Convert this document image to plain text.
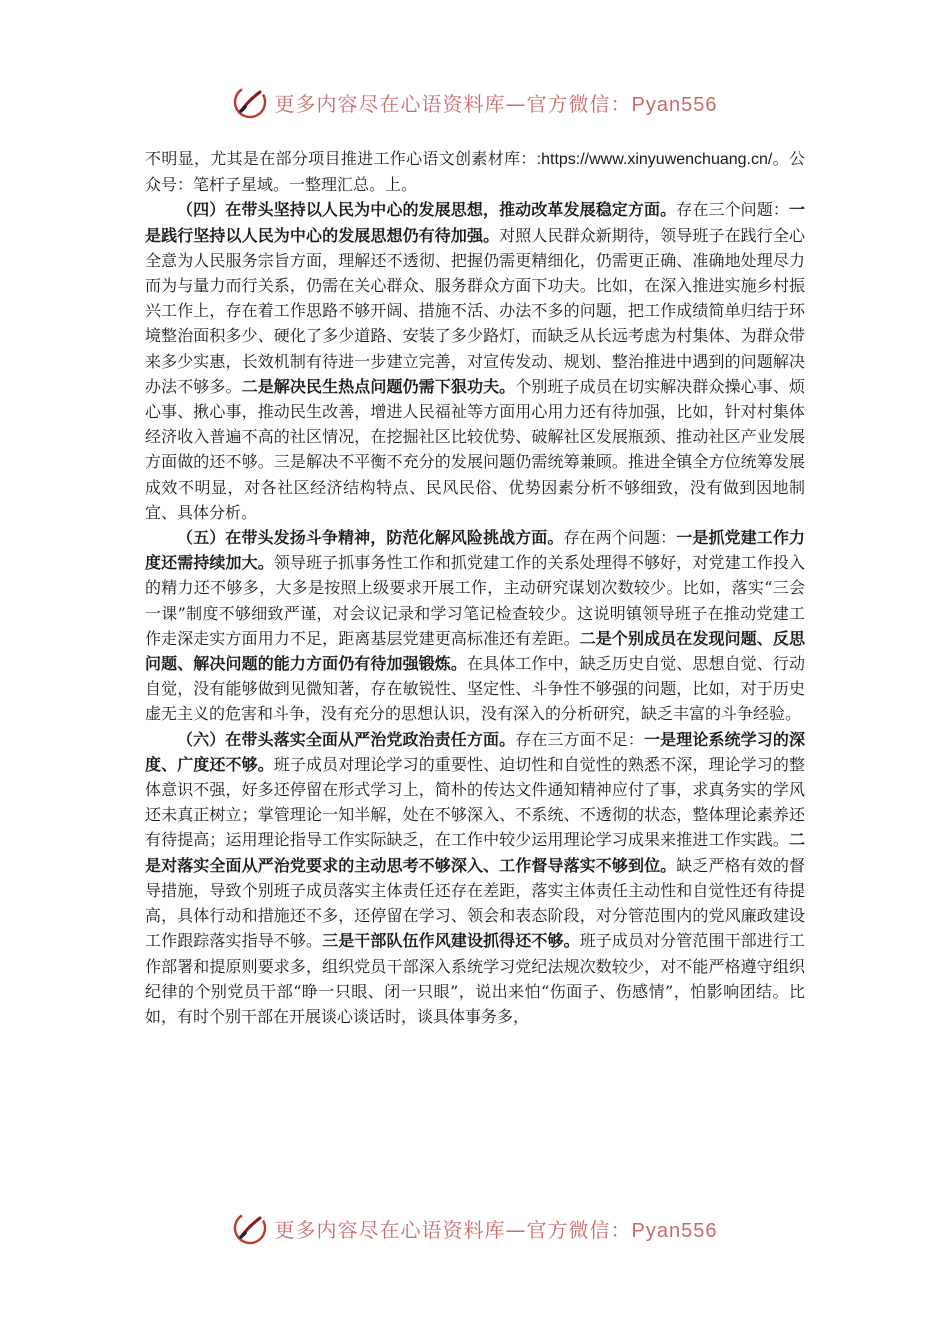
更多内容尽在心语资料库—官方微信：Pyan556

不明显，尤其是在部分项目推进工作心语文创素材库：:https://www.xinyuwenchuang.cn/。公众号：笔杆子星域。一整理汇总。上。

（四）在带头坚持以人民为中心的发展思想，推动改革发展稳定方面。存在三个问题：一是践行坚持以人民为中心的发展思想仍有待加强。对照人民群众新期待，领导班子在践行全心全意为人民服务宗旨方面，理解还不透彻、把握仍需更精细化，仍需更正确、准确地处理尽力而为与量力而行关系，仍需在关心群众、服务群众方面下功夫。比如，在深入推进实施乡村振兴工作上，存在着工作思路不够开阔、措施不活、办法不多的问题，把工作成绩简单归结于环境整治面积多少、硬化了多少道路、安装了多少路灯，而缺乏从长远考虑为村集体、为群众带来多少实惠，长效机制有待进一步建立完善，对宣传发动、规划、整治推进中遇到的问题解决办法不够多。二是解决民生热点问题仍需下狠功夫。个别班子成员在切实解决群众操心事、烦心事、揪心事，推动民生改善，增进人民福祉等方面用心用力还有待加强，比如，针对村集体经济收入普遍不高的社区情况，在挖掘社区比较优势、破解社区发展瓶颈、推动社区产业发展方面做的还不够。三是解决不平衡不充分的发展问题仍需统筹兼顾。推进全镇全方位统筹发展成效不明显，对各社区经济结构特点、民风民俗、优势因素分析不够细致，没有做到因地制宜、具体分析。

（五）在带头发扬斗争精神，防范化解风险挑战方面。存在两个问题：一是抓党建工作力度还需持续加大。领导班子抓事务性工作和抓党建工作的关系处理得不够好，对党建工作投入的精力还不够多，大多是按照上级要求开展工作，主动研究谋划次数较少。比如，落实“三会一课”制度不够细致严谨，对会议记录和学习笔记检查较少。这说明镇领导班子在推动党建工作走深走实方面用力不足，距离基层党建更高标准还有差距。二是个别成员在发现问题、反思问题、解决问题的能力方面仍有待加强锻炼。在具体工作中，缺乏历史自觉、思想自觉、行动自觉，没有能够做到见微知著，存在敏锐性、坚定性、斗争性不够强的问题，比如，对于历史虚无主义的危害和斗争，没有充分的思想认识，没有深入的分析研究，缺乏丰富的斗争经验。

（六）在带头落实全面从严治党政治责任方面。存在三方面不足：一是理论系统学习的深度、广度还不够。班子成员对理论学习的重要性、迫切性和自觉性的熟悉不深，理论学习的整体意识不强，好多还停留在形式学习上，简朴的传达文件通知精神应付了事，求真务实的学风还未真正树立；掌管理论一知半解，处在不够深入、不系统、不透彻的状态，整体理论素养还有待提高；运用理论指导工作实际缺乏，在工作中较少运用理论学习成果来推进工作实践。二是对落实全面从严治党要求的主动思考不够深入、工作督导落实不够到位。缺乏严格有效的督导措施，导致个别班子成员落实主体责任还存在差距，落实主体责任主动性和自觉性还有待提高，具体行动和措施还不多，还停留在学习、领会和表态阶段，对分管范围内的党风廉政建设工作跟踪落实指导不够。三是干部队伍作风建设抓得还不够。班子成员对分管范围干部进行工作部署和提原则要求多，组织党员干部深入系统学习党纪法规次数较少，对不能严格遵守组织纪律的个别党员干部“睁一只眼、闭一只眼”，说出来怕“伤面子、伤感情”，怕影响团结。比如，有时个别干部在开展谈心谈话时，谈具体事务多，

更多内容尽在心语资料库—官方微信：Pyan556
